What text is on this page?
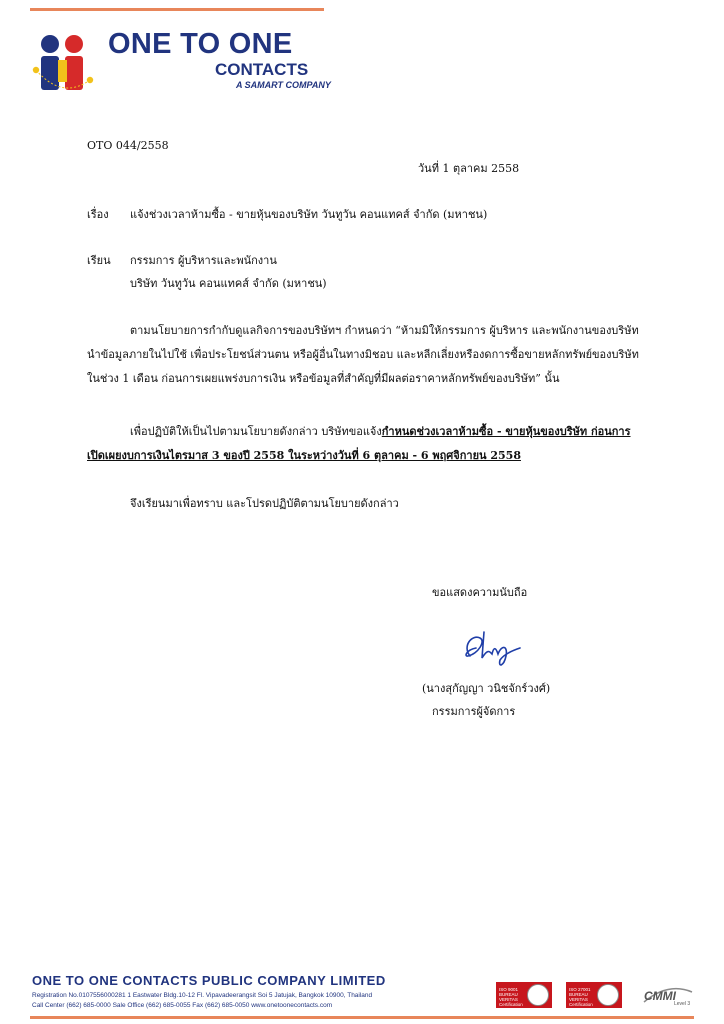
ONE TO ONE
CONTACTS
A SAMART COMPANY
OTO 044/2558
วันที่ 1 ตุลาคม 2558
เรื่อง แจ้งช่วงเวลาห้ามซื้อ - ขายหุ้นของบริษัท วันทูวัน คอนแทคส์ จำกัด (มหาชน)
เรียน กรรมการ ผู้บริหารและพนักงาน
บริษัท วันทูวัน คอนแทคส์ จำกัด (มหาชน)
ตามนโยบายการกำกับดูแลกิจการของบริษัทฯ กำหนดว่า “ห้ามมิให้กรรมการ ผู้บริหาร และพนักงานของบริษัท
นำข้อมูลภายในไปใช้ เพื่อประโยชน์ส่วนตน หรือผู้อื่นในทางมิชอบ และหลีกเลี่ยงหรืองดการซื้อขายหลักทรัพย์ของบริษัท
ในช่วง 1 เดือน ก่อนการเผยแพร่งบการเงิน หรือข้อมูลที่สำคัญที่มีผลต่อราคาหลักทรัพย์ของบริษัท” นั้น
เพื่อปฏิบัติให้เป็นไปตามนโยบายดังกล่าว บริษัทขอแจ้งกำหนดช่วงเวลาห้ามซื้อ - ขายหุ้นของบริษัท ก่อนการ
เปิดเผยงบการเงินไตรมาส 3 ของปี 2558 ในระหว่างวันที่ 6 ตุลาคม - 6 พฤศจิกายน 2558
จึงเรียนมาเพื่อทราบ และโปรดปฏิบัติตามนโยบายดังกล่าว
ขอแสดงความนับถือ
(นางสุกัญญา วนิชจักร์วงศ์)
กรรมการผู้จัดการ
ONE TO ONE CONTACTS PUBLIC COMPANY LIMITED
Registration No.0107556000281 1 Eastwater Bldg.10-12 Fl. Vipavadeerangsit Soi 5 Jatujak, Bangkok 10900, Thailand
Call Center (662) 685-0000 Sale Office (662) 685-0055 Fax (662) 685-0050 www.onetoonecontacts.com
ISO 9001 BUREAU VERITAS Certification
ISO 27001 BUREAU VERITAS Certification
CMMI
Level 3
